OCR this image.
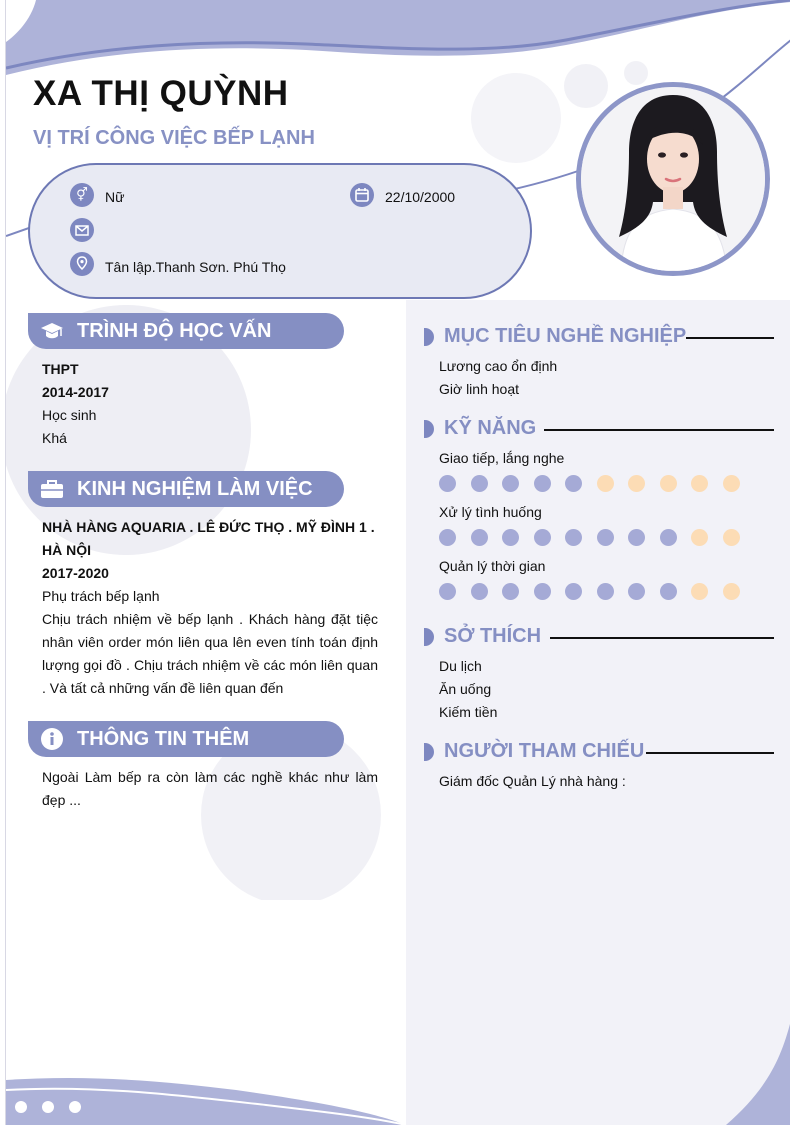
XA THỊ QUỲNH
VỊ TRÍ CÔNG VIỆC BẾP LẠNH
⚥	Nữ	22/10/2000
Tân lập.Thanh Sơn. Phú Thọ
TRÌNH ĐỘ HỌC VẤN
THPT
2014-2017
Học sinh
Khá
KINH NGHIỆM LÀM VIỆC
NHÀ HÀNG AQUARIA . LÊ ĐỨC THỌ . MỸ ĐÌNH 1 . HÀ NỘI
2017-2020
Phụ trách bếp lạnh
Chịu trách nhiệm về bếp lạnh . Khách hàng đặt tiệc nhân viên order món liên qua lên even tính toán định lượng gọi đồ . Chịu trách nhiệm về các món liên quan . Và tất cả những vấn đề liên quan đến
THÔNG TIN THÊM
Ngoài Làm bếp ra còn làm các nghề khác như làm đẹp ...
MỤC TIÊU NGHỀ NGHIỆP
Lương cao ổn định
Giờ linh hoạt
KỸ NĂNG
Giao tiếp, lắng nghe
Xử lý tình huống
Quản lý thời gian
SỞ THÍCH
Du lịch
Ăn uống
Kiếm tiền
NGƯỜI THAM CHIẾU
Giám đốc Quản Lý nhà hàng :
